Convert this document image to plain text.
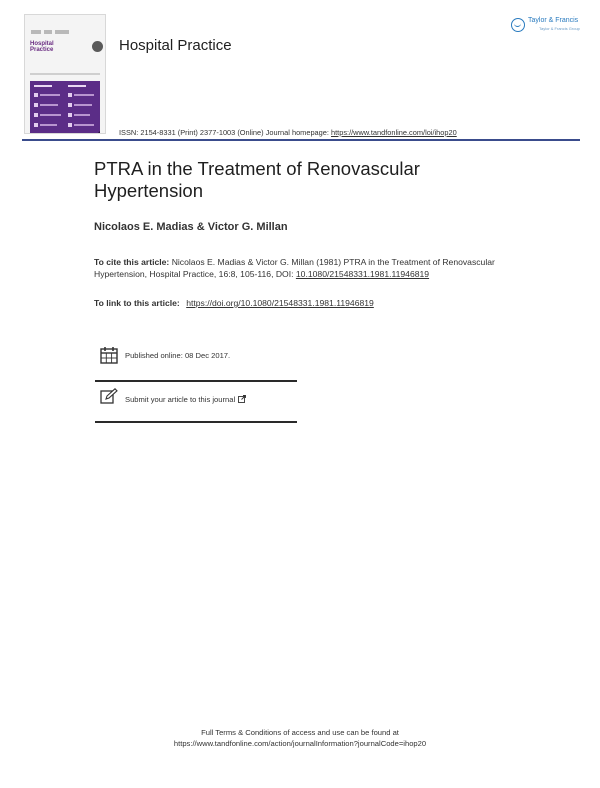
Hospital
Practice	Hospital Practice
Taylor & Francis
Taylor & Francis Group
ISSN: 2154-8331 (Print) 2377-1003 (Online) Journal homepage: https://www.tandfonline.com/loi/ihop20
PTRA in the Treatment of Renovascular Hypertension
Nicolaos E. Madias & Victor G. Millan
To cite this article: Nicolaos E. Madias & Victor G. Millan (1981) PTRA in the Treatment of Renovascular Hypertension, Hospital Practice, 16:8, 105-116, DOI: 10.1080/21548331.1981.11946819
To link to this article: https://doi.org/10.1080/21548331.1981.11946819
Published online: 08 Dec 2017.
Submit your article to this journal
Full Terms & Conditions of access and use can be found at
https://www.tandfonline.com/action/journalInformation?journalCode=ihop20
